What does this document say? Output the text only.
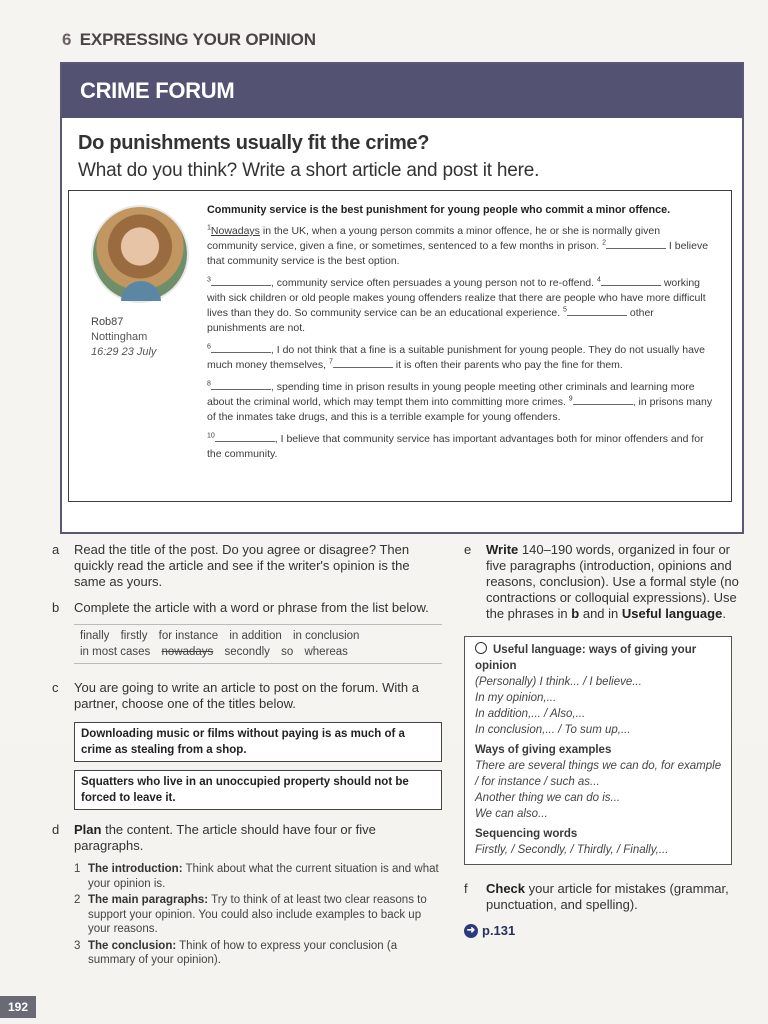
6 EXPRESSING YOUR OPINION
CRIME FORUM
Do punishments usually fit the crime?
What do you think? Write a short article and post it here.
Rob87
Nottingham
16:29 23 July
Community service is the best punishment for young people who commit a minor offence.

$^1$Nowadays in the UK, when a young person commits a minor offence, he or she is normally given community service, given a fine, or sometimes, sentenced to a few months in prison. $^2$	I believe that community service is the best option.

$^3$	, community service often persuades a young person not to re-offend. $^4$	working with sick children or old people makes young offenders realize that there are people who have more difficult lives than they do. So community service can be an educational experience. $^5$	other punishments are not.

$^6$	, I do not think that a fine is a suitable punishment for young people. They do not usually have much money themselves, $^7$	it is often their parents who pay the fine for them.

$^8$	, spending time in prison results in young people meeting other criminals and learning more about the criminal world, which may tempt them into committing more crimes. $^9$	, in prisons many of the inmates take drugs, and this is a terrible example for young offenders.

$^{10}$	, I believe that community service has important advantages both for minor offenders and for the community.

a Read the title of the post. Do you agree or disagree? Then quickly read the article and see if the writer's opinion is the same as yours.
b Complete the article with a word or phrase from the list below.
finally firstly for instance in addition in conclusion
in most cases nowadays secondly so whereas
c You are going to write an article to post on the forum. With a partner, choose one of the titles below.
Downloading music or films without paying is as much of a crime as stealing from a shop.
Squatters who live in an unoccupied property should not be forced to leave it.
d Plan the content. The article should have four or five paragraphs.
1 The introduction: Think about what the current situation is and what your opinion is.
2 The main paragraphs: Try to think of at least two clear reasons to support your opinion. You could also include examples to back up your reasons.
3 The conclusion: Think of how to express your conclusion (a summary of your opinion).
e Write 140–190 words, organized in four or five paragraphs (introduction, opinions and reasons, conclusion). Use a formal style (no contractions or colloquial expressions). Use the phrases in b and in Useful language.
Useful language: ways of giving your opinion
(Personally) I think... / I believe...
In my opinion,...
In addition,... / Also,...
In conclusion,... / To sum up,...
Ways of giving examples
There are several things we can do, for example / for instance / such as...
Another thing we can do is...
We can also...
Sequencing words
Firstly, / Secondly, / Thirdly, / Finally,...
f Check your article for mistakes (grammar, punctuation, and spelling).
➜ p.131
192
